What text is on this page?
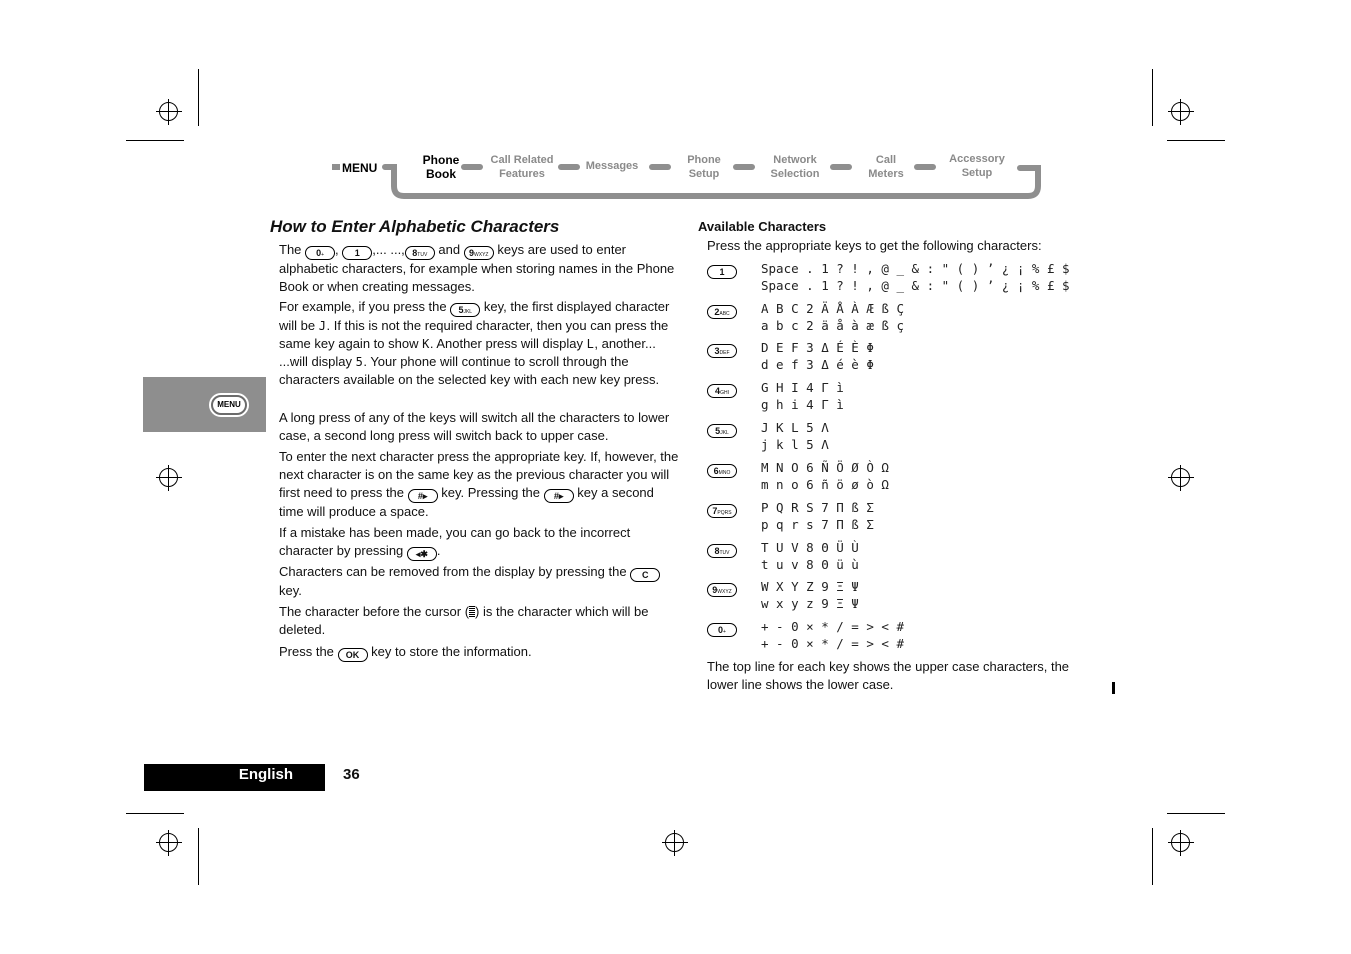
MENU
Phone
Book
Call Related
Features
Messages	Phone
Setup
Network
Selection
Call
Meters
Accessory
Setup
MENU
How to Enter Alphabetic Characters

The 0+ , 1 ,... ..., 8TUV and 9WXYZ keys are used to enter alphabetic characters, for example when storing names in the Phone Book or when creating messages.

For example, if you press the 5JKL key, the first displayed character will be J. If this is not the required character, then you can press the same key again to show K. Another press will display L, another... ...will display 5. Your phone will continue to scroll through the characters available on the selected key with each new key press.

A long press of any of the keys will switch all the characters to lower case, a second long press will switch back to upper case.

To enter the next character press the appropriate key. If, however, the next character is on the same key as the previous character you will first need to press the #▸ key. Pressing the #▸ key a second time will produce a space.

If a mistake has been made, you can go back to the incorrect character by pressing ◂✱ .

Characters can be removed from the display by pressing the C key.

The character before the cursor ( ) is the character which will be deleted.

Press the OK key to store the information.

Available Characters
Press the appropriate keys to get the following characters:
1	Space . 1 ? ! , @ _ & : " ( ) ’ ¿ ¡ % £ $
Space . 1 ? ! , @ _ & : " ( ) ’ ¿ ¡ % £ $
2ABC	A B C 2 Ä Å À Æ ß Ç
a b c 2 ä å à æ ß ç
3DEF	D E F 3 Δ É È Φ
d e f 3 Δ é è Φ
4GHI	G H I 4 Γ ì
g h i 4 Γ ì
5JKL	J K L 5 Λ
j k l 5 Λ
6MNO	M N O 6 Ñ Ö Ø Ò Ω
m n o 6 ñ ö ø ò Ω
7PQRS	P Q R S 7 Π ß Σ
p q r s 7 Π ß Σ
8TUV	T U V 8 Θ Ü Ù
t u v 8 Θ ü ù
9WXYZ	W X Y Z 9 Ξ Ψ
w x y z 9 Ξ Ψ
0+	+ - 0 × * / = > < #
+ - 0 × * / = > < #
The top line for each key shows the upper case characters, the lower line shows the lower case.
English	36
